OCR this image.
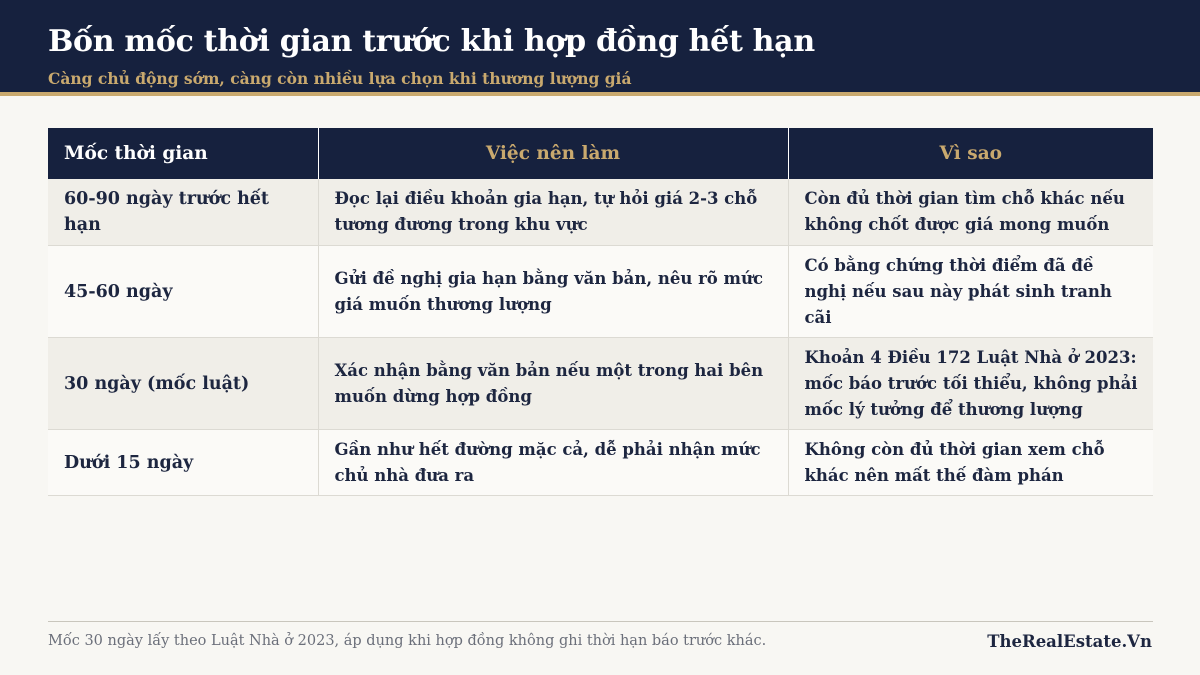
Bốn mốc thời gian trước khi hợp đồng hết hạn
Càng chủ động sớm, càng còn nhiều lựa chọn khi thương lượng giá
Mốc thời gian	Việc nên làm	Vì sao
60-90 ngày trước hết hạn	Đọc lại điều khoản gia hạn, tự hỏi giá 2-3 chỗ tương đương trong khu vực	Còn đủ thời gian tìm chỗ khác nếu không chốt được giá mong muốn
45-60 ngày	Gửi đề nghị gia hạn bằng văn bản, nêu rõ mức giá muốn thương lượng	Có bằng chứng thời điểm đã đề nghị nếu sau này phát sinh tranh cãi
30 ngày (mốc luật)	Xác nhận bằng văn bản nếu một trong hai bên muốn dừng hợp đồng	Khoản 4 Điều 172 Luật Nhà ở 2023: mốc báo trước tối thiểu, không phải mốc lý tưởng để thương lượng
Dưới 15 ngày	Gần như hết đường mặc cả, dễ phải nhận mức chủ nhà đưa ra	Không còn đủ thời gian xem chỗ khác nên mất thế đàm phán
Mốc 30 ngày lấy theo Luật Nhà ở 2023, áp dụng khi hợp đồng không ghi thời hạn báo trước khác.	TheRealEstate.Vn
